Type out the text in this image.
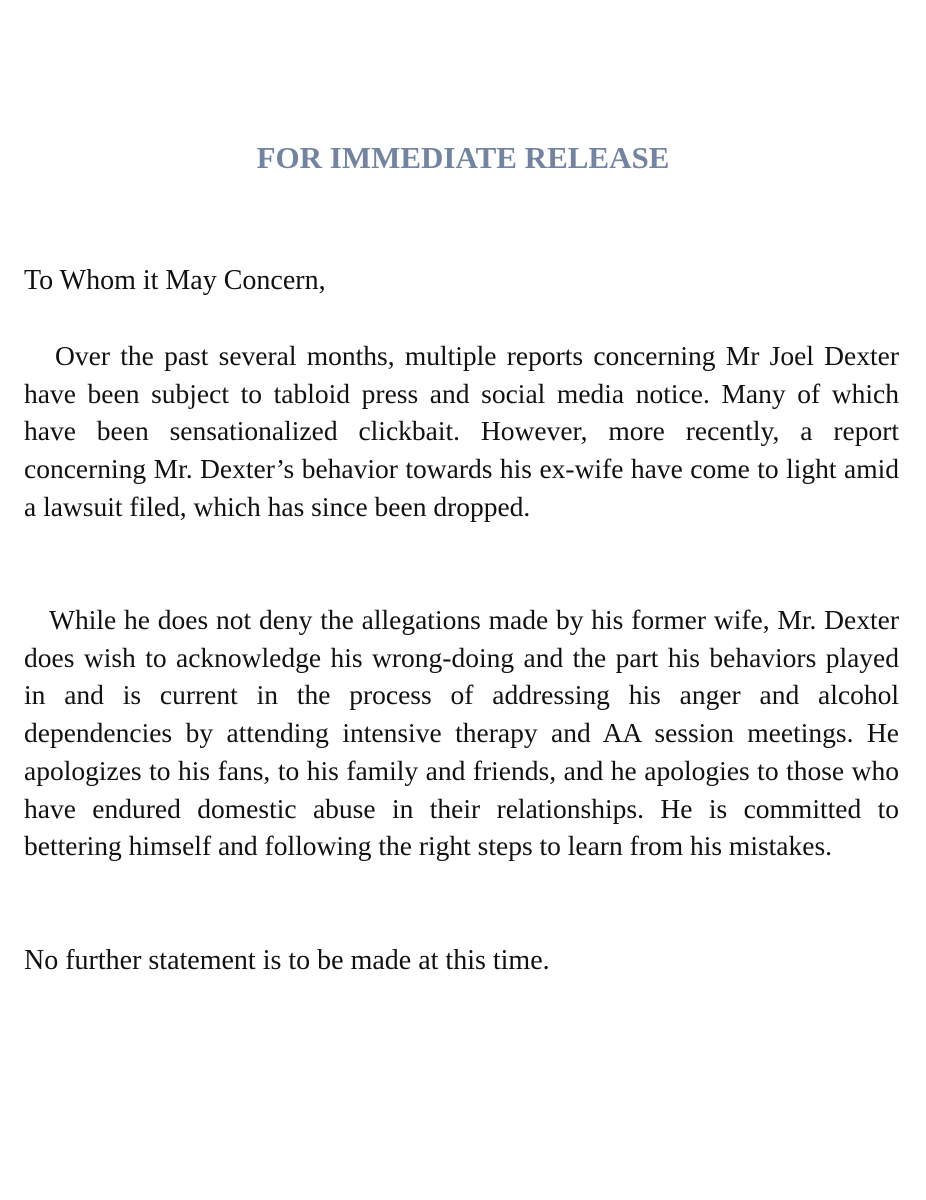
FOR IMMEDIATE RELEASE

To Whom it May Concern,

Over the past several months, multiple reports concerning Mr Joel Dexter have been subject to tabloid press and social media notice. Many of which have been sensationalized clickbait. However, more recently, a report concerning Mr. Dexter’s behavior towards his ex-wife have come to light amid a lawsuit filed, which has since been dropped.

While he does not deny the allegations made by his former wife, Mr. Dexter does wish to acknowledge his wrong-doing and the part his behaviors played in and is current in the process of addressing his anger and alcohol dependencies by attending intensive therapy and AA session meetings. He apologizes to his fans, to his family and friends, and he apologies to those who have endured domestic abuse in their relationships. He is committed to bettering himself and following the right steps to learn from his mistakes.

No further statement is to be made at this time.
